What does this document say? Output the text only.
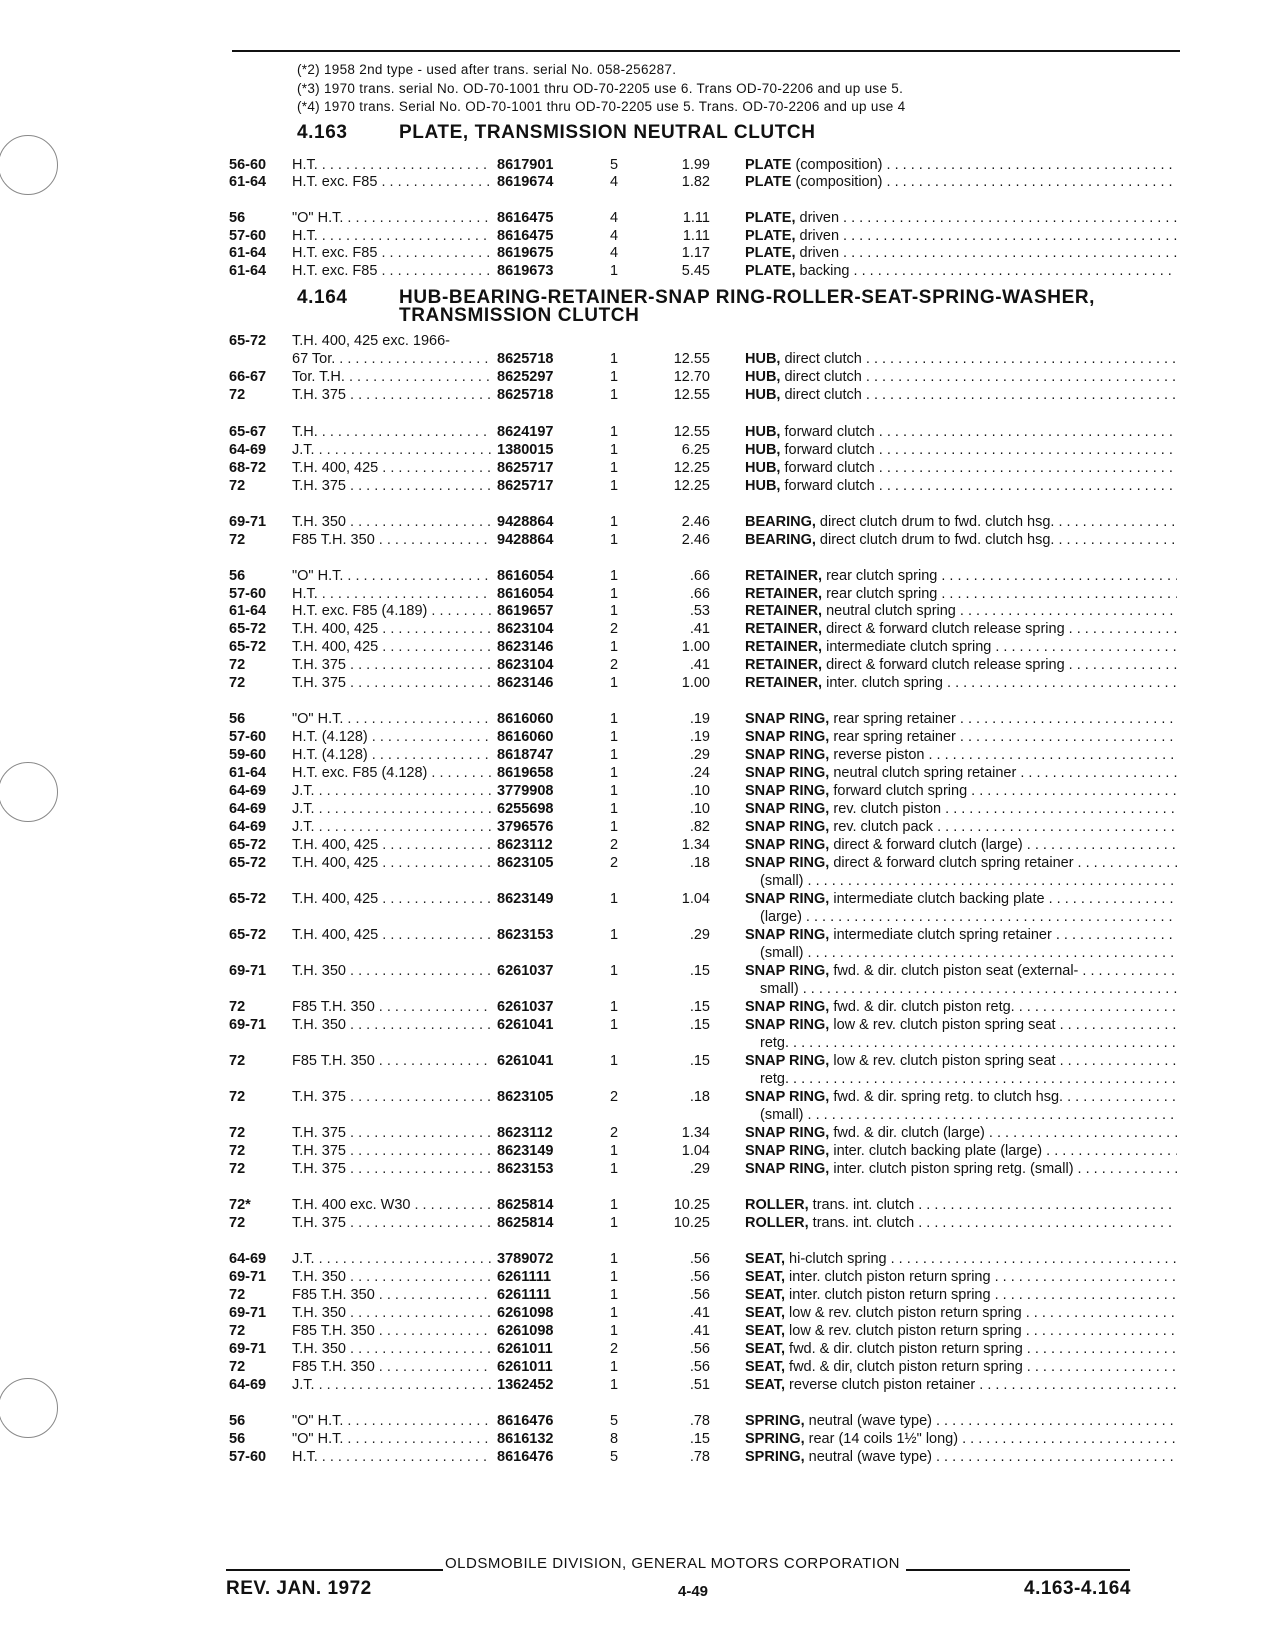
(*2) 1958 2nd type - used after trans. serial No. 058-256287.
(*3) 1970 trans. serial No. OD-70-1001 thru OD-70-2205 use 6. Trans OD-70-2206 and up use 5.
(*4) 1970 trans. Serial No. OD-70-1001 thru OD-70-2205 use 5. Trans. OD-70-2206 and up use 4
4.163	PLATE, TRANSMISSION NEUTRAL CLUTCH
4.164	HUB-BEARING-RETAINER-SNAP RING-ROLLER-SEAT-SPRING-WASHER,
TRANSMISSION CLUTCH
56-60 H.T. . . .	8617901	5	1.99 PLATE (composition) . . .
61-64 H.T. exc. F85 . . .	8619674	4	1.82 PLATE (composition) . . .
56	"O" H.T. . . .	8616475	4	1.11 PLATE, driven . . .
57-60 H.T. . . .	8616475	4	1.11 PLATE, driven . . .
61-64 H.T. exc. F85 . . .	8619675	4	1.17 PLATE, driven . . .
61-64 H.T. exc. F85 . . .	8619673	1	5.45 PLATE, backing . . .
65-72 T.H. 400, 425 exc. 1966-
67 Tor. . . .	8625718	1	12.55 HUB, direct clutch . . .
66-67 Tor. T.H. . . .	8625297	1	12.70 HUB, direct clutch . . .
72	T.H. 375 . . .	8625718	1	12.55 HUB, direct clutch . . .
65-67 T.H. . . .	8624197	1	12.55 HUB, forward clutch . . .
64-69 J.T. . . .	1380015	1	6.25 HUB, forward clutch . . .
68-72 T.H. 400, 425 . . .	8625717	1	12.25 HUB, forward clutch . . .
72	T.H. 375 . . .	8625717	1	12.25 HUB, forward clutch . . .
69-71 T.H. 350 . . .	9428864	1	2.46 BEARING, direct clutch drum to fwd. clutch hsg. . . .
72	F85 T.H. 350 . . .	9428864	1	2.46 BEARING, direct clutch drum to fwd. clutch hsg. . . .
56	"O" H.T. . . .	8616054	1	.66 RETAINER, rear clutch spring . . .
57-60 H.T. . . .	8616054	1	.66 RETAINER, rear clutch spring . . .
61-64 H.T. exc. F85 (4.189) . . .	8619657	1	.53 RETAINER, neutral clutch spring . . .
65-72 T.H. 400, 425 . . .	8623104	2	.41 RETAINER, direct & forward clutch release spring . . .
65-72 T.H. 400, 425 . . .	8623146	1	1.00 RETAINER, intermediate clutch spring . . .
72	T.H. 375 . . .	8623104	2	.41 RETAINER, direct & forward clutch release spring . . .
72	T.H. 375 . . .	8623146	1	1.00 RETAINER, inter. clutch spring . . .
56	"O" H.T. . . .	8616060	1	.19 SNAP RING, rear spring retainer . . .
57-60 H.T. (4.128) . . .	8616060	1	.19 SNAP RING, rear spring retainer . . .
59-60 H.T. (4.128) . . .	8618747	1	.29 SNAP RING, reverse piston . . .
61-64 H.T. exc. F85 (4.128) . . .	8619658	1	.24 SNAP RING, neutral clutch spring retainer . . .
64-69 J.T. . . .	3779908	1	.10 SNAP RING, forward clutch spring . . .
64-69 J.T. . . .	6255698	1	.10 SNAP RING, rev. clutch piston . . .
64-69 J.T. . . .	3796576	1	.82 SNAP RING, rev. clutch pack . . .
65-72 T.H. 400, 425 . . .	8623112	2	1.34 SNAP RING, direct & forward clutch (large) . . .
65-72 T.H. 400, 425 . . .	8623105	2	.18 SNAP RING, direct & forward clutch spring retainer . . .
(small) . . .
65-72 T.H. 400, 425 . . .	8623149	1	1.04 SNAP RING, intermediate clutch backing plate . . .
(large) . . .
65-72 T.H. 400, 425 . . .	8623153	1	.29 SNAP RING, intermediate clutch spring retainer . . .
(small) . . .
69-71 T.H. 350 . . .	6261037	1	.15 SNAP RING, fwd. & dir. clutch piston seat (external- . . .
small) . . .
72	F85 T.H. 350 . . .	6261037	1	.15 SNAP RING, fwd. & dir. clutch piston retg. . . .
69-71 T.H. 350 . . .	6261041	1	.15 SNAP RING, low & rev. clutch piston spring seat . . .
retg. . . .
72	F85 T.H. 350 . . .	6261041	1	.15 SNAP RING, low & rev. clutch piston spring seat . . .
retg. . . .
72	T.H. 375 . . .	8623105	2	.18 SNAP RING, fwd. & dir. spring retg. to clutch hsg. . . .
(small) . . .
72	T.H. 375 . . .	8623112	2	1.34 SNAP RING, fwd. & dir. clutch (large) . . .
72	T.H. 375 . . .	8623149	1	1.04 SNAP RING, inter. clutch backing plate (large) . . .
72	T.H. 375 . . .	8623153	1	.29 SNAP RING, inter. clutch piston spring retg. (small) . . .
72*	T.H. 400 exc. W30 . . .	8625814	1	10.25 ROLLER, trans. int. clutch . . .
72	T.H. 375 . . .	8625814	1	10.25 ROLLER, trans. int. clutch . . .
64-69 J.T. . . .	3789072	1	.56 SEAT, hi-clutch spring . . .
69-71 T.H. 350 . . .	6261111	1	.56 SEAT, inter. clutch piston return spring . . .
72	F85 T.H. 350 . . .	6261111	1	.56 SEAT, inter. clutch piston return spring . . .
69-71 T.H. 350 . . .	6261098	1	.41 SEAT, low & rev. clutch piston return spring . . .
72	F85 T.H. 350 . . .	6261098	1	.41 SEAT, low & rev. clutch piston return spring . . .
69-71 T.H. 350 . . .	6261011	2	.56 SEAT, fwd. & dir. clutch piston return spring . . .
72	F85 T.H. 350 . . .	6261011	1	.56 SEAT, fwd. & dir, clutch piston return spring . . .
64-69 J.T. . . .	1362452	1	.51 SEAT, reverse clutch piston retainer . . .
56	"O" H.T. . . .	8616476	5	.78 SPRING, neutral (wave type) . . .
56	"O" H.T. . . .	8616132	8	.15 SPRING, rear (14 coils 1½" long) . . .
57-60 H.T. . . .	8616476	5	.78 SPRING, neutral (wave type) . . .
OLDSMOBILE DIVISION, GENERAL MOTORS CORPORATION
REV. JAN. 1972	4-49	4.163-4.164
